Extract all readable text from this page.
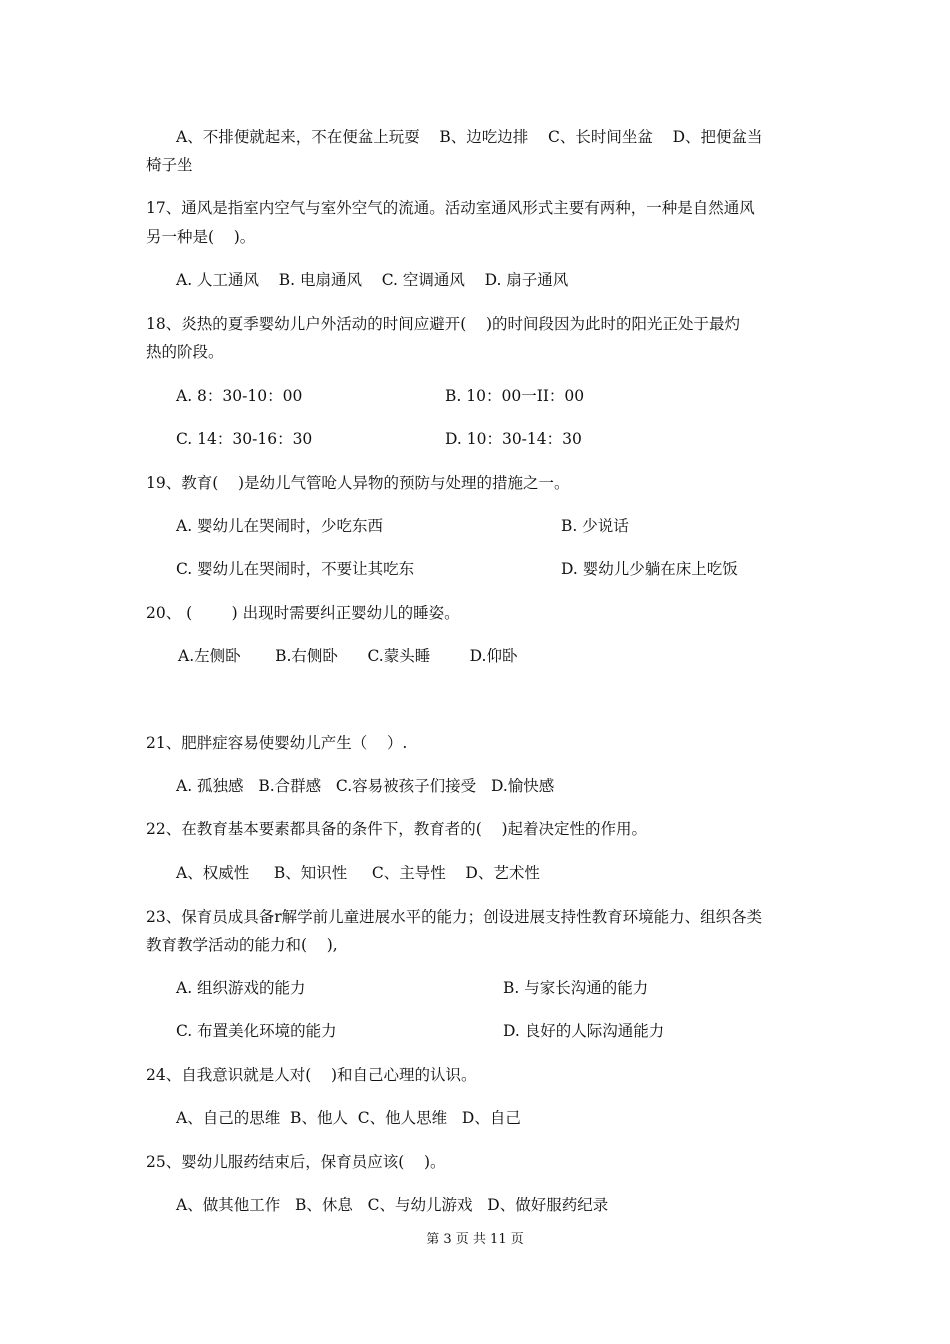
A、不排便就起来，不在便盆上玩耍    B、边吃边排    C、长时间坐盆    D、把便盆当
椅子坐
17、通风是指室内空气与室外空气的流通。活动室通风形式主要有两种，一种是自然通风
另一种是(    )。
A. 人工通风    B. 电扇通风    C. 空调通风    D. 扇子通风
18、炎热的夏季婴幼儿户外活动的时间应避开(    )的时间段因为此时的阳光正处于最灼
热的阶段。
A. 8：30-10：00	B. 10：00一II：00
C. 14：30-16：30	D. 10：30-14：30
19、教育(    )是幼儿气管呛人异物的预防与处理的措施之一。
A. 婴幼儿在哭闹时，少吃东西	B. 少说话
C. 婴幼儿在哭闹时，不要让其吃东	D. 婴幼儿少躺在床上吃饭
20、 (        ) 出现时需要纠正婴幼儿的睡姿。
A.左侧卧       B.右侧卧      C.蒙头睡        D.仰卧
21、肥胖症容易使婴幼儿产生（    ）.
A. 孤独感   B.合群感   C.容易被孩子们接受   D.愉快感
22、在教育基本要素都具备的条件下，教育者的(    )起着决定性的作用。
A、权威性     B、知识性     C、主导性    D、艺术性
23、保育员成具备r解学前儿童进展水平的能力；创设进展支持性教育环境能力、组织各类
教育教学活动的能力和(    ),
A. 组织游戏的能力	B. 与家长沟通的能力
C. 布置美化环境的能力	D. 良好的人际沟通能力
24、自我意识就是人对(    )和自己心理的认识。
A、自己的思维  B、他人  C、他人思维   D、自己
25、婴幼儿服药结束后，保育员应该(    )。
A、做其他工作   B、休息   C、与幼儿游戏   D、做好服药纪录
第 3 页 共 11 页
